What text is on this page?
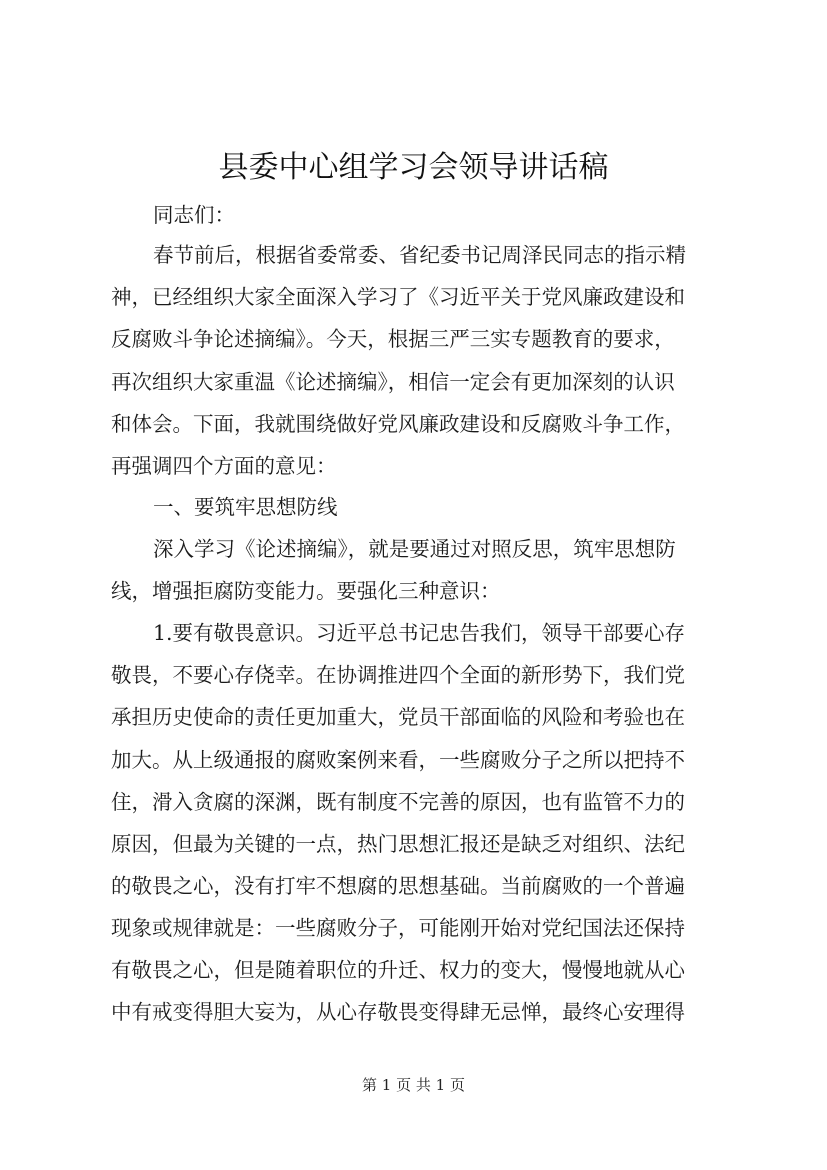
县委中心组学习会领导讲话稿

同志们：

春节前后，根据省委常委、省纪委书记周泽民同志的指示精

神，已经组织大家全面深入学习了《习近平关于党风廉政建设和

反腐败斗争论述摘编》。今天，根据三严三实专题教育的要求，

再次组织大家重温《论述摘编》，相信一定会有更加深刻的认识

和体会。下面，我就围绕做好党风廉政建设和反腐败斗争工作，

再强调四个方面的意见：

一、要筑牢思想防线

深入学习《论述摘编》，就是要通过对照反思，筑牢思想防

线，增强拒腐防变能力。要强化三种意识：

1.要有敬畏意识。习近平总书记忠告我们，领导干部要心存

敬畏，不要心存侥幸。在协调推进四个全面的新形势下，我们党

承担历史使命的责任更加重大，党员干部面临的风险和考验也在

加大。从上级通报的腐败案例来看，一些腐败分子之所以把持不

住，滑入贪腐的深渊，既有制度不完善的原因，也有监管不力的

原因，但最为关键的一点，热门思想汇报还是缺乏对组织、法纪

的敬畏之心，没有打牢不想腐的思想基础。当前腐败的一个普遍

现象或规律就是：一些腐败分子，可能刚开始对党纪国法还保持

有敬畏之心，但是随着职位的升迁、权力的变大，慢慢地就从心

中有戒变得胆大妄为，从心存敬畏变得肆无忌惮，最终心安理得

第 1 页 共 1 页
